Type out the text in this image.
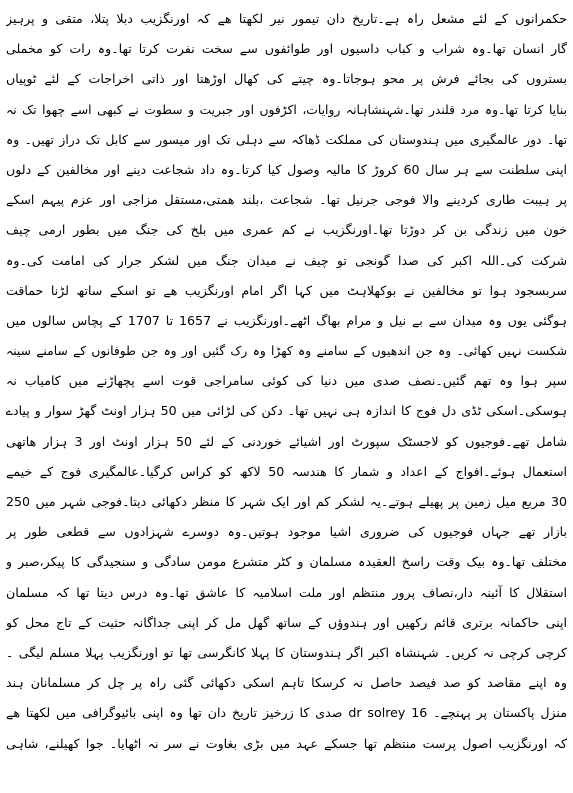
حکمرانوں کے لئے مشعل راہ ہے۔تاریخ دان تیمور نیر لکھتا ھے کہ اورنگزیب دبلا پتلا، متقی و پرہیز
گار انسان تھا۔وہ شراب و کباب داسیوں اور طوائفوں سے سخت نفرت کرتا تھا۔وہ رات کو مخملی
بستروں کی بجائے فرش پر محو ہوجاتا۔وہ چیتے کی کھال اوڑھتا اور ذاتی اخراجات کے لئے ٹوپیاں
بنایا کرتا تھا۔وہ مرد قلندر تھا۔شہنشاہانہ روایات، اکڑفوں اور جبریت و سطوت نے کبھی اسے چھوا تک نہ
تھا۔ دور عالمگیری میں ہندوستان کی مملکت ڈھاکہ سے دہلی تک اور میسور سے کابل تک دراز تھیں۔ وہ
اپنی سلطنت سے ہر سال 60 کروڑ کا مالیہ وصول کیا کرتا۔وہ داد شجاعت دینے اور مخالفین کے دلوں
پر ہیبت طاری کردینے والا فوجی جرنیل تھا۔ شجاعت ،بلند ھمتی،مستقل مزاجی اور عزم پیہم اسکے
خون میں زندگی بن کر دوڑتا تھا۔اورنگزیب نے کم عمری میں بلخ کی جنگ میں بطور ارمی چیف
شرکت کی۔اللہ اکبر کی صدا گونجی تو چیف نے میدان جنگ میں لشکر جرار کی امامت کی۔وہ
سربسجود ہوا تو مخالفین نے بوکھلاہٹ میں کہا اگر امام اورنگزیب ھے تو اسکے ساتھ لڑنا حماقت
ہوگئی یوں وہ میدان سے بے نیل و مرام بھاگ اٹھے۔اورنگزیب نے 1657 تا 1707 کے پچاس سالوں میں
شکست نہیں کھائی۔ وہ جن اندھیوں کے سامنے وہ کھڑا وہ رک گئیں اور وہ جن طوفانوں کے سامنے سینہ
سپر ہوا وہ تھم گئیں۔نصف صدی میں دنیا کی کوئی سامراجی قوت اسے پچھاڑنے میں کامیاب نہ
ہوسکی۔اسکی ٹڈی دل فوج کا اندازہ ہی نہیں تھا۔ دکن کی لڑائی میں 50 ہزار اونٹ گھڑ سوار و پیادے
شامل تھے۔فوجیوں کو لاجسٹک سپورٹ اور اشیائے خوردنی کے لئے 50 ہزار اونٹ اور 3 ہزار ھاتھی
استعمال ہوئے۔افواج کے اعداد و شمار کا ھندسہ 50 لاکھ کو کراس کرگیا۔عالمگیری فوج کے خیمے
30 مربع میل زمین پر پھیلے ہوتے۔یہ لشکر کم اور ایک شہر کا منظر دکھائی دیتا۔فوجی شہر میں 250
بازار تھے جہاں فوجیوں کی ضروری اشیا موجود ہوتیں۔وہ دوسرے شہزادوں سے قطعی طور پر
مختلف تھا۔وہ بیک وقت راسخ العقیدہ مسلمان و کٹر متشرع مومن سادگی و سنجیدگی کا پیکر،صبر و
استقلال کا آئینہ دار،نصاف پرور منتظم اور ملت اسلامیہ کا عاشق تھا۔وہ درس دیتا تھا کہ مسلمان
اپنی حاکمانہ برتری قائم رکھیں اور ہندوؤں کے ساتھ گھل مل کر اپنی جداگانہ حثیت کے تاج محل کو
کرچی کرچی نہ کریں۔ شہنشاہ اکبر اگر ہندوستان کا پہلا کانگرسی تھا تو اورنگزیب پہلا مسلم لیگی ۔
وہ اپنے مقاصد کو صد فیصد حاصل نہ کرسکا تاہم اسکی دکھائی گئی راہ پر چل کر مسلمانان ہند
منزل پاکستان پر پہنچے۔ dr solrey 16 صدی کا زرخیز تاریخ دان تھا وہ اپنی بائیوگرافی میں لکھتا ھے
کہ اورنگزیب اصول پرست منتظم تھا جسکے عہد میں بڑی بغاوت نے سر نہ اٹھایا۔ جوا کھیلنے، شاہی
